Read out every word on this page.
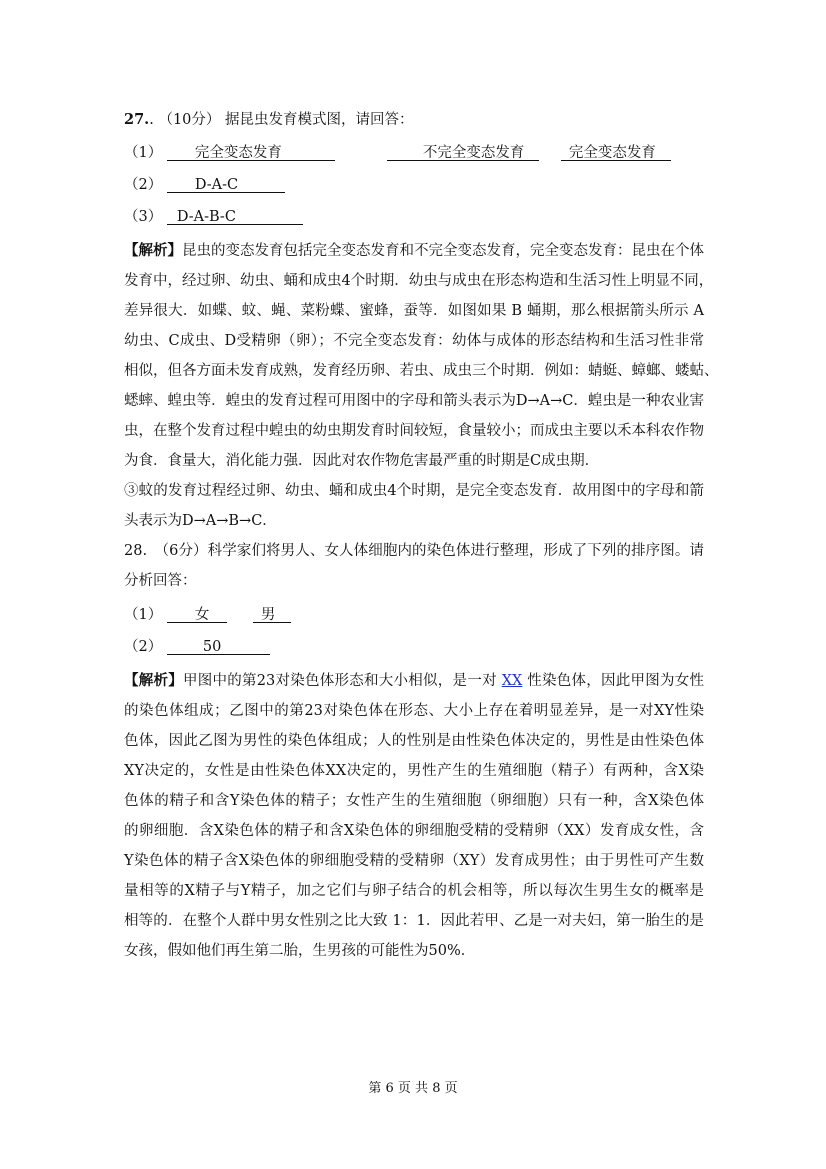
27.. （10分） 据昆虫发育模式图，请回答：
（1） 完全变态发育	不完全变态发育	完全变态发育
（2） D-A-C
（3） D-A-B-C
【解析】昆虫的变态发育包括完全变态发育和不完全变态发育，完全变态发育：昆虫在个体
发育中，经过卵、幼虫、蛹和成虫4个时期．幼虫与成虫在形态构造和生活习性上明显不同，
差异很大．如蝶、蚊、蝇、菜粉蝶、蜜蜂，蚕等．如图如果 B 蛹期，那么根据箭头所示 A
幼虫、C成虫、D受精卵（卵）；不完全变态发育：幼体与成体的形态结构和生活习性非常
相似，但各方面未发育成熟，发育经历卵、若虫、成虫三个时期．例如：蜻蜓、蟑螂、蝼蛄、
蟋蟀、蝗虫等．蝗虫的发育过程可用图中的字母和箭头表示为D→A→C．蝗虫是一种农业害
虫，在整个发育过程中蝗虫的幼虫期发育时间较短，食量较小；而成虫主要以禾本科农作物
为食．食量大，消化能力强．因此对农作物危害最严重的时期是C成虫期．
③蚊的发育过程经过卵、幼虫、蛹和成虫4个时期，是完全变态发育．故用图中的字母和箭
头表示为D→A→B→C．
28.　（6分）科学家们将男人、女人体细胞内的染色体进行整理，形成了下列的排序图。请
分析回答：
（1） 女	男
（2）	50
【解析】甲图中的第23对染色体形态和大小相似，是一对 XX 性染色体，因此甲图为女性
的染色体组成；乙图中的第23对染色体在形态、大小上存在着明显差异，是一对XY性染
色体，因此乙图为男性的染色体组成；人的性别是由性染色体决定的，男性是由性染色体
XY决定的，女性是由性染色体XX决定的，男性产生的生殖细胞（精子）有两种，含X染
色体的精子和含Y染色体的精子；女性产生的生殖细胞（卵细胞）只有一种，含X染色体
的卵细胞．含X染色体的精子和含X染色体的卵细胞受精的受精卵（XX）发育成女性，含
Y染色体的精子含X染色体的卵细胞受精的受精卵（XY）发育成男性；由于男性可产生数
量相等的X精子与Y精子，加之它们与卵子结合的机会相等，所以每次生男生女的概率是
相等的．在整个人群中男女性别之比大致 1：1．因此若甲、乙是一对夫妇，第一胎生的是
女孩，假如他们再生第二胎，生男孩的可能性为50%．
第 6 页 共 8 页
